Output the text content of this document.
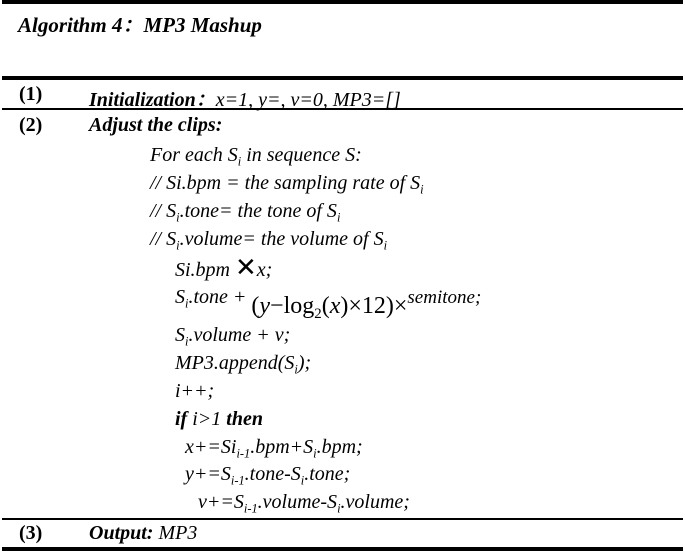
Algorithm 4：MP3 Mashup
(1) Initialization：x=1, y=, v=0, MP3=[]
(2) Adjust the clips:
For each $S_i$ in sequence S:
// Si.bpm = the sampling rate of $S_i$
// $S_i.tone=$ the tone of $S_i$
// $S_i.volume=$ the volume of $S_i$
Si.bpm ✕x;
$S_i.tone$ + $(y-\log_2(x)\times 12)\times semitone$;
$S_i.volume + v$;
$MP3.append(S_i)$;
i++;
if i>1 then
$x+=Si_{i-1}.bpm+S_i.bpm$;
$y+=S_{i-1}.tone-S_i.tone$;
$v+=S_{i-1}.volume-S_i.volume$;
(3) Output: MP3
